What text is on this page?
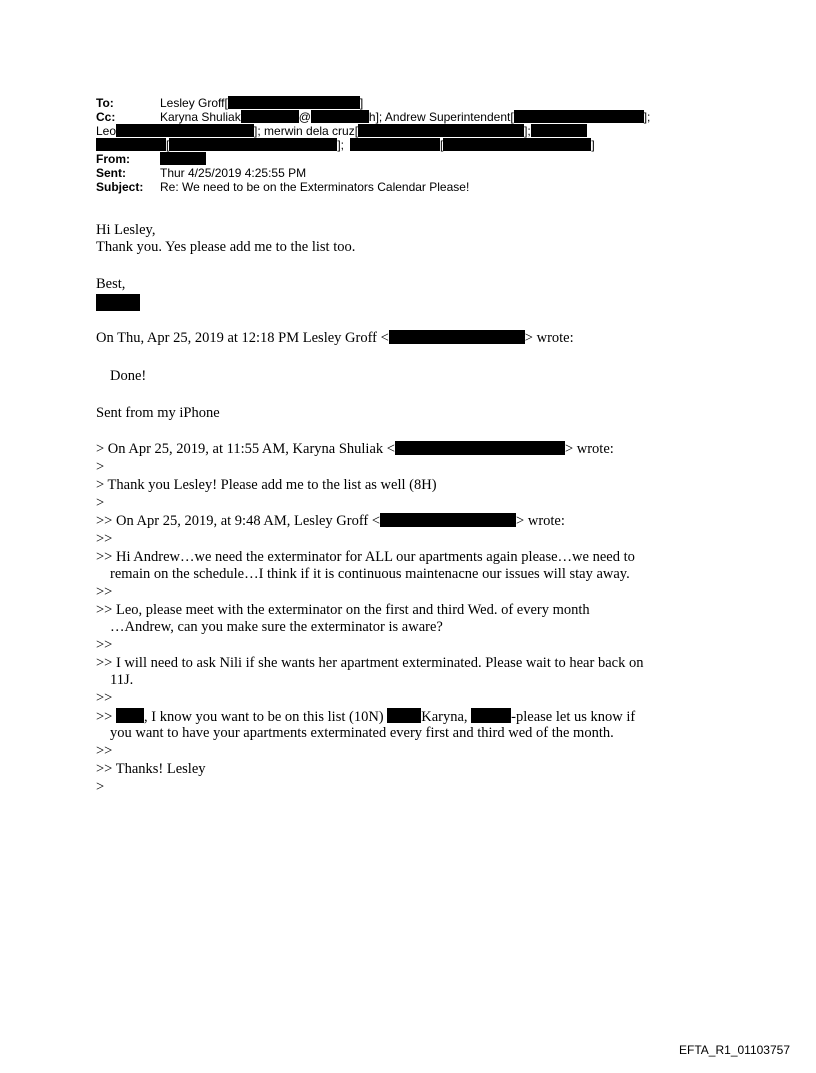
To:	Lesley Groff[	]
Cc:	Karyna Shuliak	@	h]; Andrew Superintendent[	];
Leo	]; merwin dela cruz[	];
[	];	[	]
From:
Sent:	Thur 4/25/2019 4:25:55 PM
Subject: Re: We need to be on the Exterminators Calendar Please!
Hi Lesley,
Thank you. Yes please add me to the list too.
Best,
On Thu, Apr 25, 2019 at 12:18 PM Lesley Groff <	> wrote:
Done!
Sent from my iPhone
> On Apr 25, 2019, at 11:55 AM, Karyna Shuliak <	> wrote:
>
> Thank you Lesley! Please add me to the list as well (8H)
>
>> On Apr 25, 2019, at 9:48 AM, Lesley Groff <	> wrote:
>>
>> Hi Andrew…we need the exterminator for ALL our apartments again please…we need to
remain on the schedule…I think if it is continuous maintenacne our issues will stay away.
>>
>> Leo, please meet with the exterminator on the first and third Wed. of every month
…Andrew, can you make sure the exterminator is aware?
>>
>> I will need to ask Nili if she wants her apartment exterminated. Please wait to hear back on
11J.
>>
>> , I know you want to be on this list (10N)	Karyna,	-please let us know if
you want to have your apartments exterminated every first and third wed of the month.
>>
>> Thanks! Lesley
>
EFTA_R1_01103757
